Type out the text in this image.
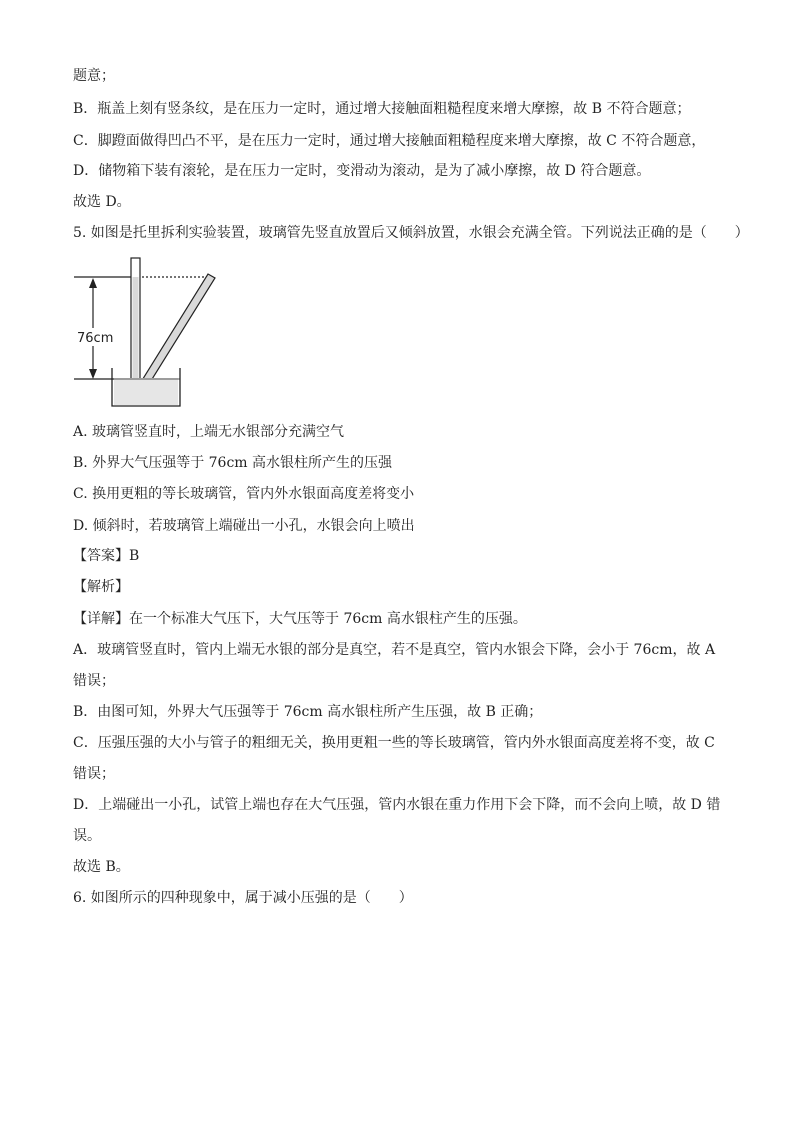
题意；
B．瓶盖上刻有竖条纹，是在压力一定时，通过增大接触面粗糙程度来增大摩擦，故 B 不符合题意；
C．脚蹬面做得凹凸不平，是在压力一定时，通过增大接触面粗糙程度来增大摩擦，故 C 不符合题意，
D．储物箱下装有滚轮，是在压力一定时，变滑动为滚动，是为了减小摩擦，故 D 符合题意。
故选 D。
5. 如图是托里拆利实验装置，玻璃管先竖直放置后又倾斜放置，水银会充满全管。下列说法正确的是（　　）
76cm
A. 玻璃管竖直时，上端无水银部分充满空气
B. 外界大气压强等于 76cm 高水银柱所产生的压强
C. 换用更粗的等长玻璃管，管内外水银面高度差将变小
D. 倾斜时，若玻璃管上端碰出一小孔，水银会向上喷出
【答案】B
【解析】
【详解】在一个标准大气压下，大气压等于 76cm 高水银柱产生的压强。
A．玻璃管竖直时，管内上端无水银的部分是真空，若不是真空，管内水银会下降，会小于 76cm，故 A
错误；
B．由图可知，外界大气压强等于 76cm 高水银柱所产生压强，故 B 正确；
C．压强压强的大小与管子的粗细无关，换用更粗一些的等长玻璃管，管内外水银面高度差将不变，故 C
错误；
D．上端碰出一小孔，试管上端也存在大气压强，管内水银在重力作用下会下降，而不会向上喷，故 D 错
误。
故选 B。
6. 如图所示的四种现象中，属于减小压强的是（　　）
